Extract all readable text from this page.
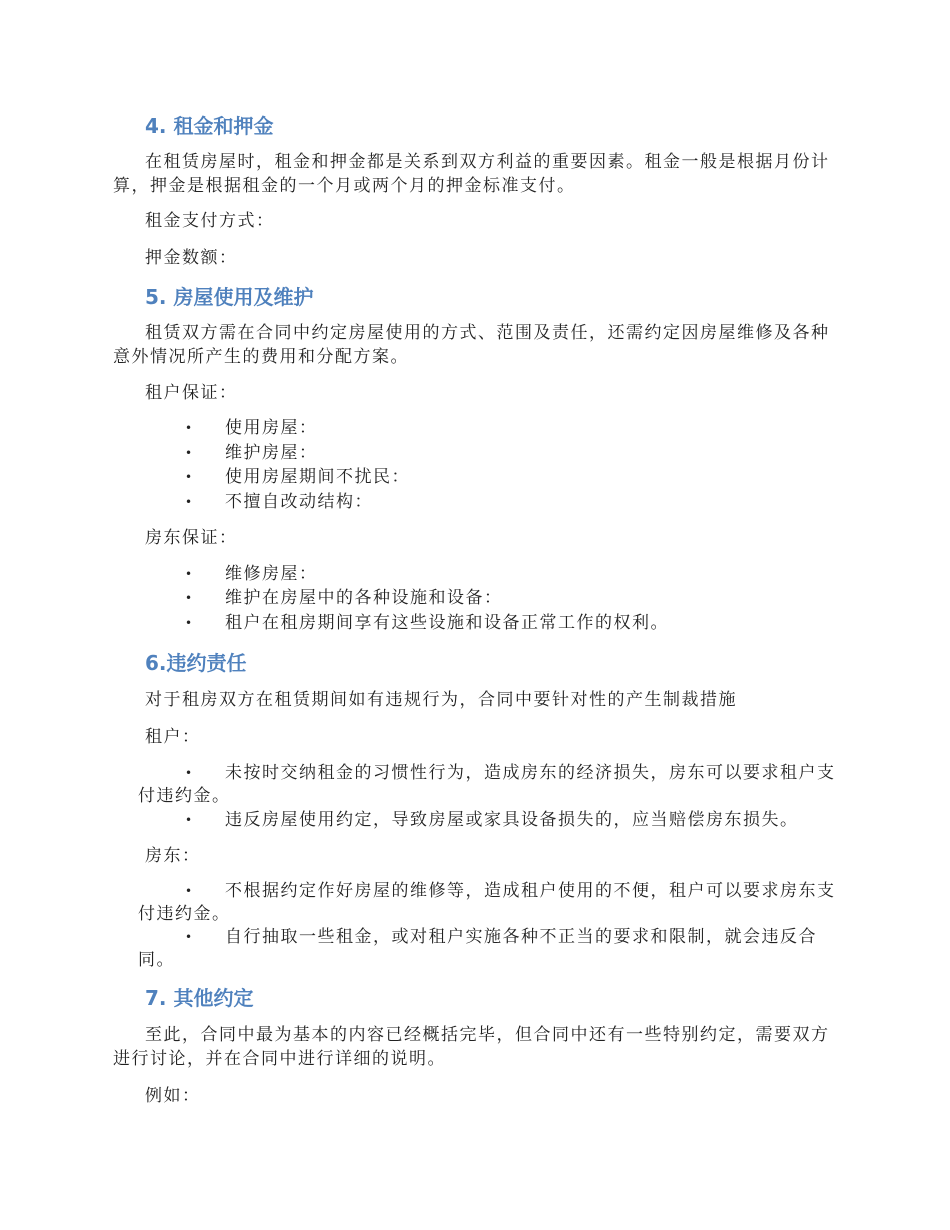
4. 租金和押金
在租赁房屋时，租金和押金都是关系到双方利益的重要因素。租金一般是根据月份计算，押金是根据租金的一个月或两个月的押金标准支付。
租金支付方式：
押金数额：
5. 房屋使用及维护
租赁双方需在合同中约定房屋使用的方式、范围及责任，还需约定因房屋维修及各种意外情况所产生的费用和分配方案。
租户保证：
• 使用房屋：
• 维护房屋：
• 使用房屋期间不扰民：
• 不擅自改动结构：
房东保证：
• 维修房屋：
• 维护在房屋中的各种设施和设备：
• 租户在租房期间享有这些设施和设备正常工作的权利。
6.违约责任
对于租房双方在租赁期间如有违规行为，合同中要针对性的产生制裁措施
租户：
• 未按时交纳租金的习惯性行为，造成房东的经济损失，房东可以要求租户支付违约金。
• 违反房屋使用约定，导致房屋或家具设备损失的，应当赔偿房东损失。
房东：
• 不根据约定作好房屋的维修等，造成租户使用的不便，租户可以要求房东支付违约金。
• 自行抽取一些租金，或对租户实施各种不正当的要求和限制，就会违反合同。
7. 其他约定
至此，合同中最为基本的内容已经概括完毕，但合同中还有一些特别约定，需要双方进行讨论，并在合同中进行详细的说明。
例如：
